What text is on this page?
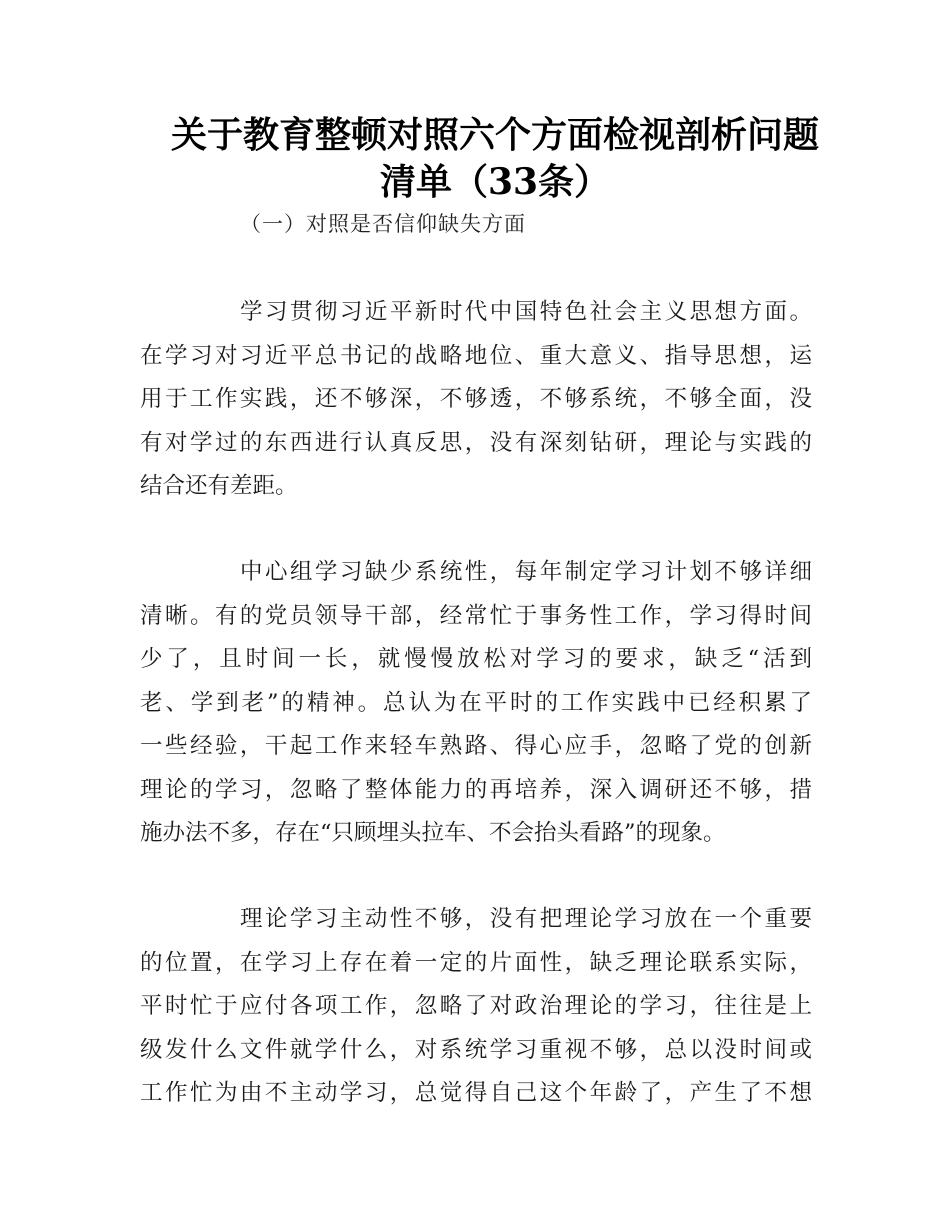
关于教育整顿对照六个方面检视剖析问题
清单（33条）
（一）对照是否信仰缺失方面
学习贯彻习近平新时代中国特色社会主义思想方面。
在学习对习近平总书记的战略地位、重大意义、指导思想，运
用于工作实践，还不够深，不够透，不够系统，不够全面，没
有对学过的东西进行认真反思，没有深刻钻研，理论与实践的
结合还有差距。
中心组学习缺少系统性，每年制定学习计划不够详细
清晰。有的党员领导干部，经常忙于事务性工作，学习得时间
少了，且时间一长，就慢慢放松对学习的要求，缺乏“活到
老、学到老”的精神。总认为在平时的工作实践中已经积累了
一些经验，干起工作来轻车熟路、得心应手，忽略了党的创新
理论的学习，忽略了整体能力的再培养，深入调研还不够，措
施办法不多，存在“只顾埋头拉车、不会抬头看路”的现象。
理论学习主动性不够，没有把理论学习放在一个重要
的位置，在学习上存在着一定的片面性，缺乏理论联系实际，
平时忙于应付各项工作，忽略了对政治理论的学习，往往是上
级发什么文件就学什么，对系统学习重视不够，总以没时间或
工作忙为由不主动学习，总觉得自己这个年龄了，产生了不想
